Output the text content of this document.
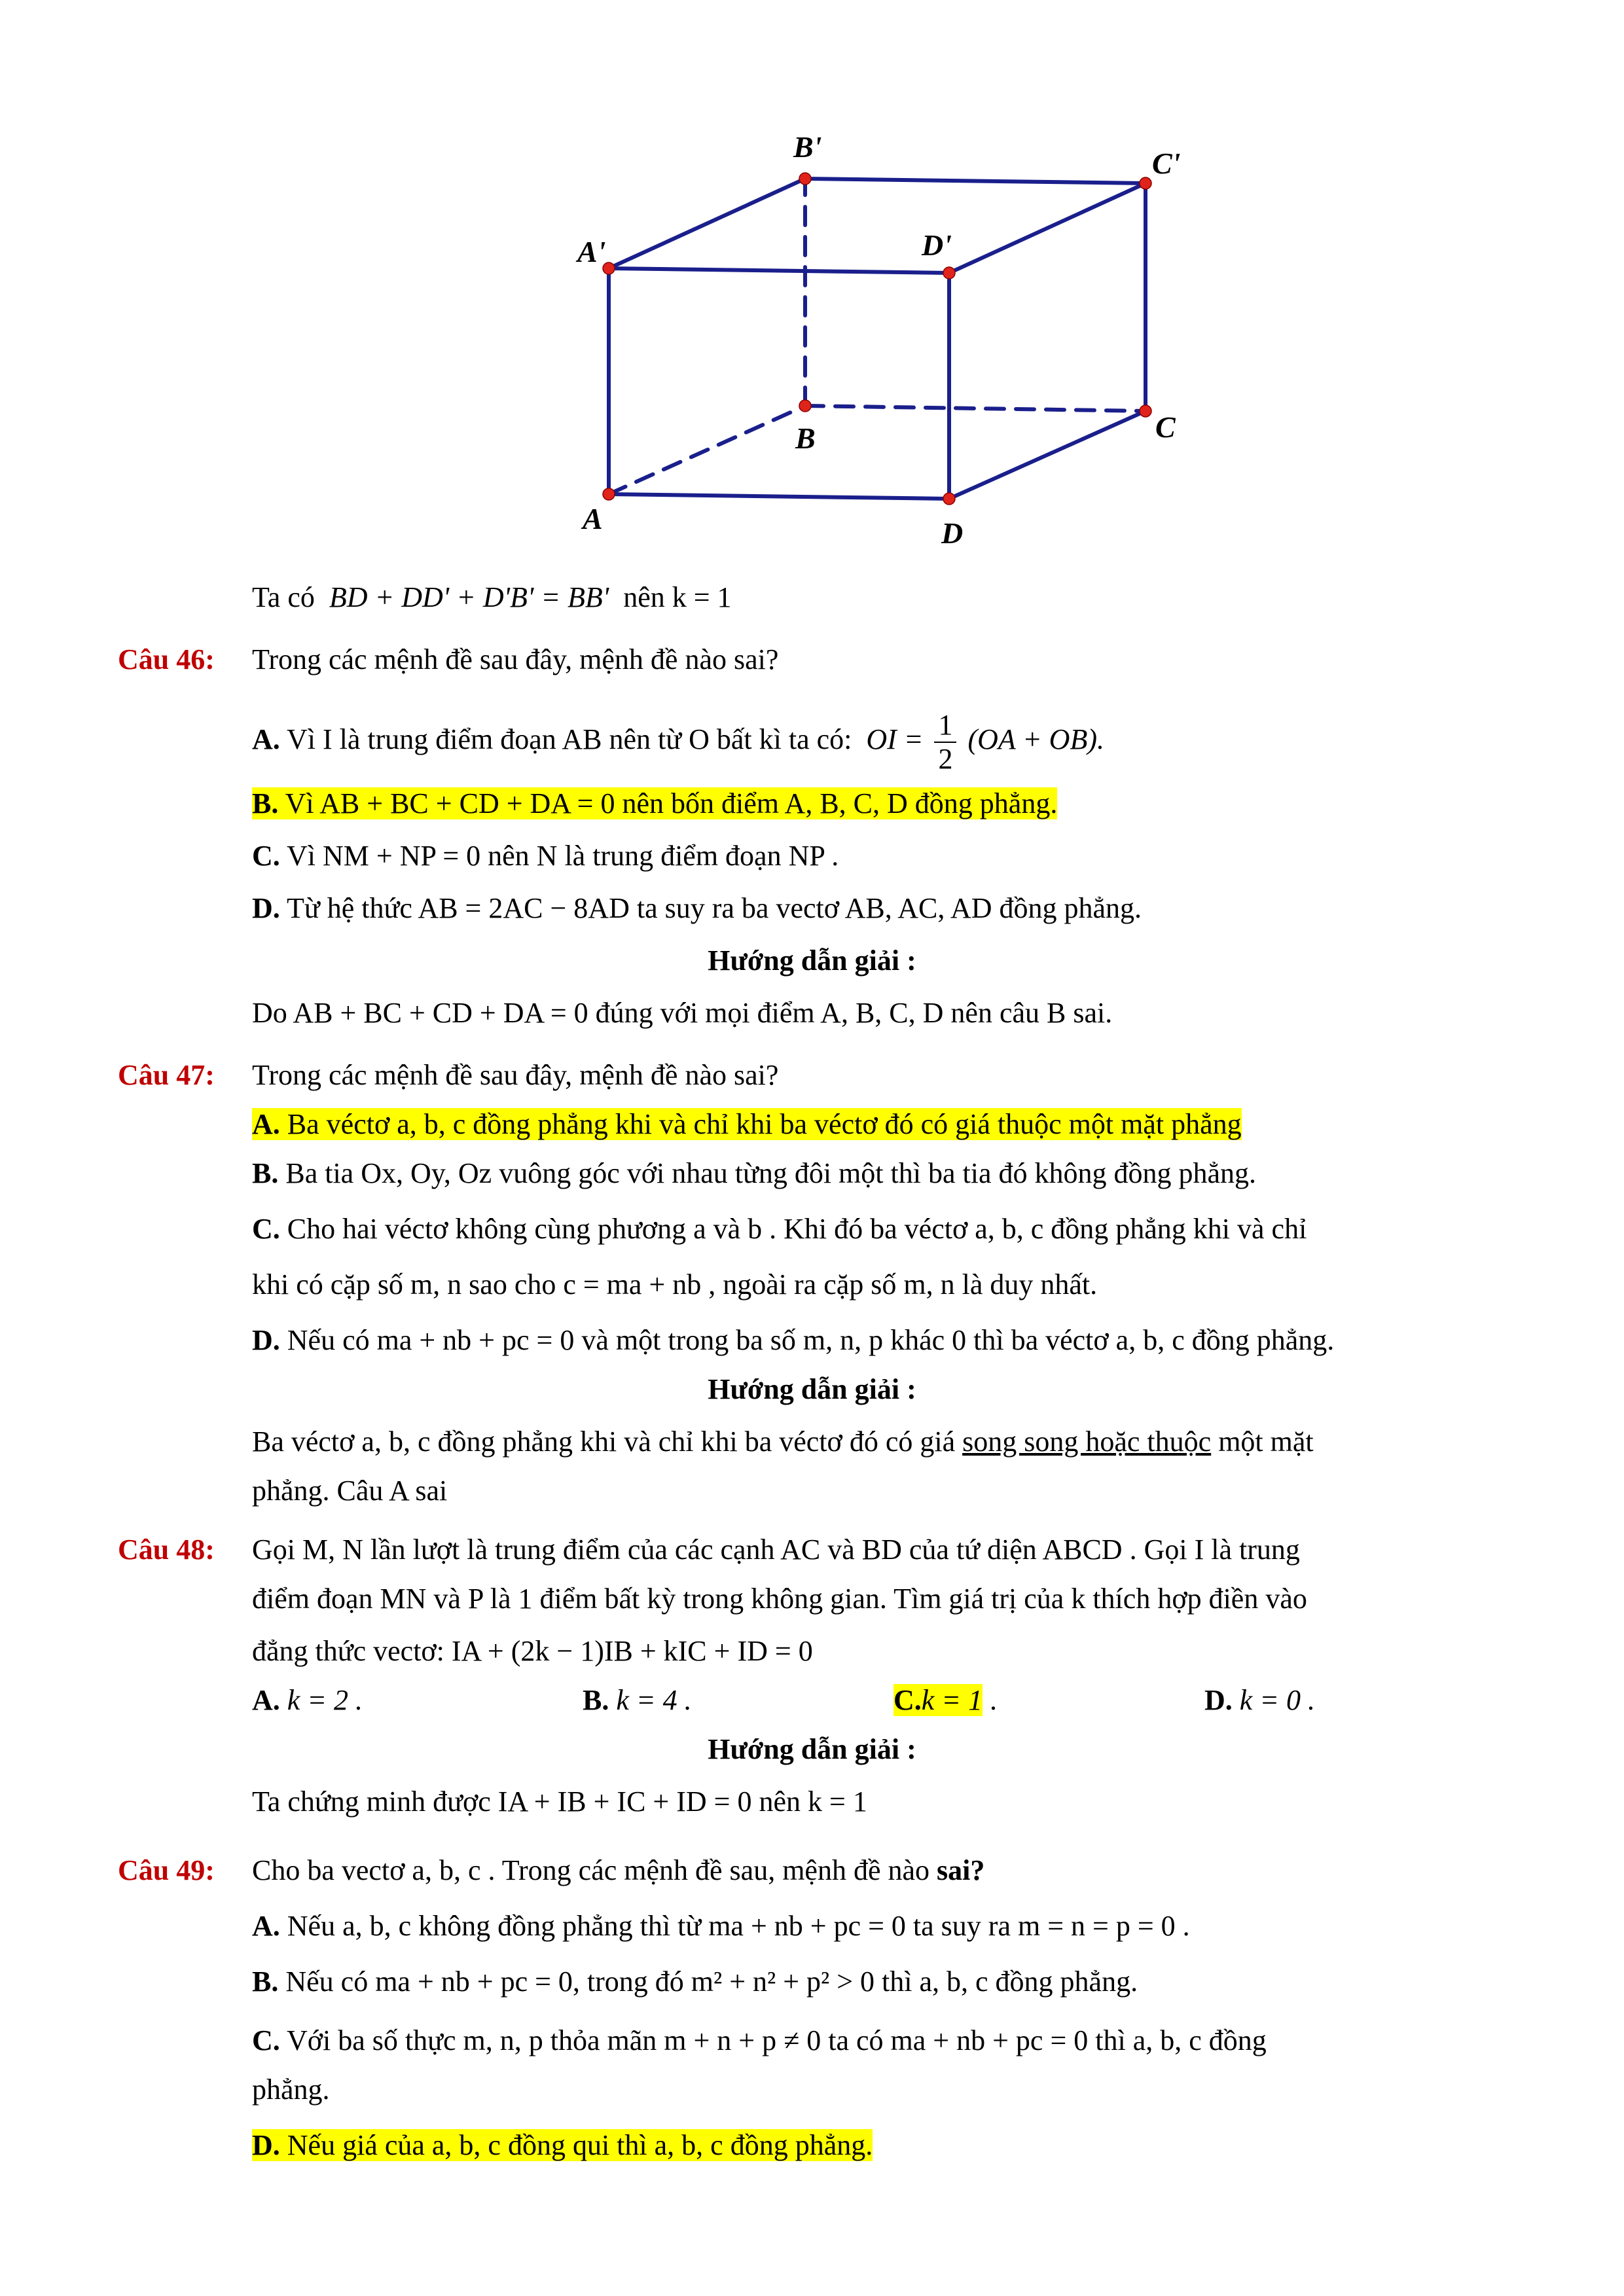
A
B	C
D
A'
B'	C'
D'
Ta có BD + DD' + D'B' = BB' nên k = 1
Câu 46: Trong các mệnh đề sau đây, mệnh đề nào sai?
A. Vì I là trung điểm đoạn AB nên từ O bất kì ta có: OI = $\frac{1}{2} (OA + OB)$.
B. Vì AB + BC + CD + DA = 0 nên bốn điểm A, B, C, D đồng phẳng.
C. Vì NM + NP = 0 nên N là trung điểm đoạn NP .
D. Từ hệ thức AB = 2AC − 8AD ta suy ra ba vectơ AB, AC, AD đồng phẳng.
Hướng dẫn giải :
Do AB + BC + CD + DA = 0 đúng với mọi điểm A, B, C, D nên câu B sai.
Câu 47: Trong các mệnh đề sau đây, mệnh đề nào sai?
A. Ba véctơ a, b, c đồng phẳng khi và chỉ khi ba véctơ đó có giá thuộc một mặt phẳng
B. Ba tia Ox, Oy, Oz vuông góc với nhau từng đôi một thì ba tia đó không đồng phẳng.
C. Cho hai véctơ không cùng phương a và b . Khi đó ba véctơ a, b, c đồng phẳng khi và chỉ
khi có cặp số m, n sao cho c = ma + nb , ngoài ra cặp số m, n là duy nhất.
D. Nếu có ma + nb + pc = 0 và một trong ba số m, n, p khác 0 thì ba véctơ a, b, c đồng phẳng.
Hướng dẫn giải :
Ba véctơ a, b, c đồng phẳng khi và chỉ khi ba véctơ đó có giá song song hoặc thuộc một mặt
phẳng. Câu A sai
Câu 48: Gọi M, N lần lượt là trung điểm của các cạnh AC và BD của tứ diện ABCD . Gọi I là trung
điểm đoạn MN và P là 1 điểm bất kỳ trong không gian. Tìm giá trị của k thích hợp điền vào
đẳng thức vectơ: IA + (2k − 1)IB + kIC + ID = 0
A. k = 2 .	B. k = 4 .	C.k = 1 .	D. k = 0 .
Hướng dẫn giải :
Ta chứng minh được IA + IB + IC + ID = 0 nên k = 1
Câu 49: Cho ba vectơ a, b, c . Trong các mệnh đề sau, mệnh đề nào sai?
A. Nếu a, b, c không đồng phẳng thì từ ma + nb + pc = 0 ta suy ra m = n = p = 0 .
B. Nếu có ma + nb + pc = 0, trong đó m² + n² + p² > 0 thì a, b, c đồng phẳng.
C. Với ba số thực m, n, p thỏa mãn m + n + p ≠ 0 ta có ma + nb + pc = 0 thì a, b, c đồng
phẳng.
D. Nếu giá của a, b, c đồng qui thì a, b, c đồng phẳng.
